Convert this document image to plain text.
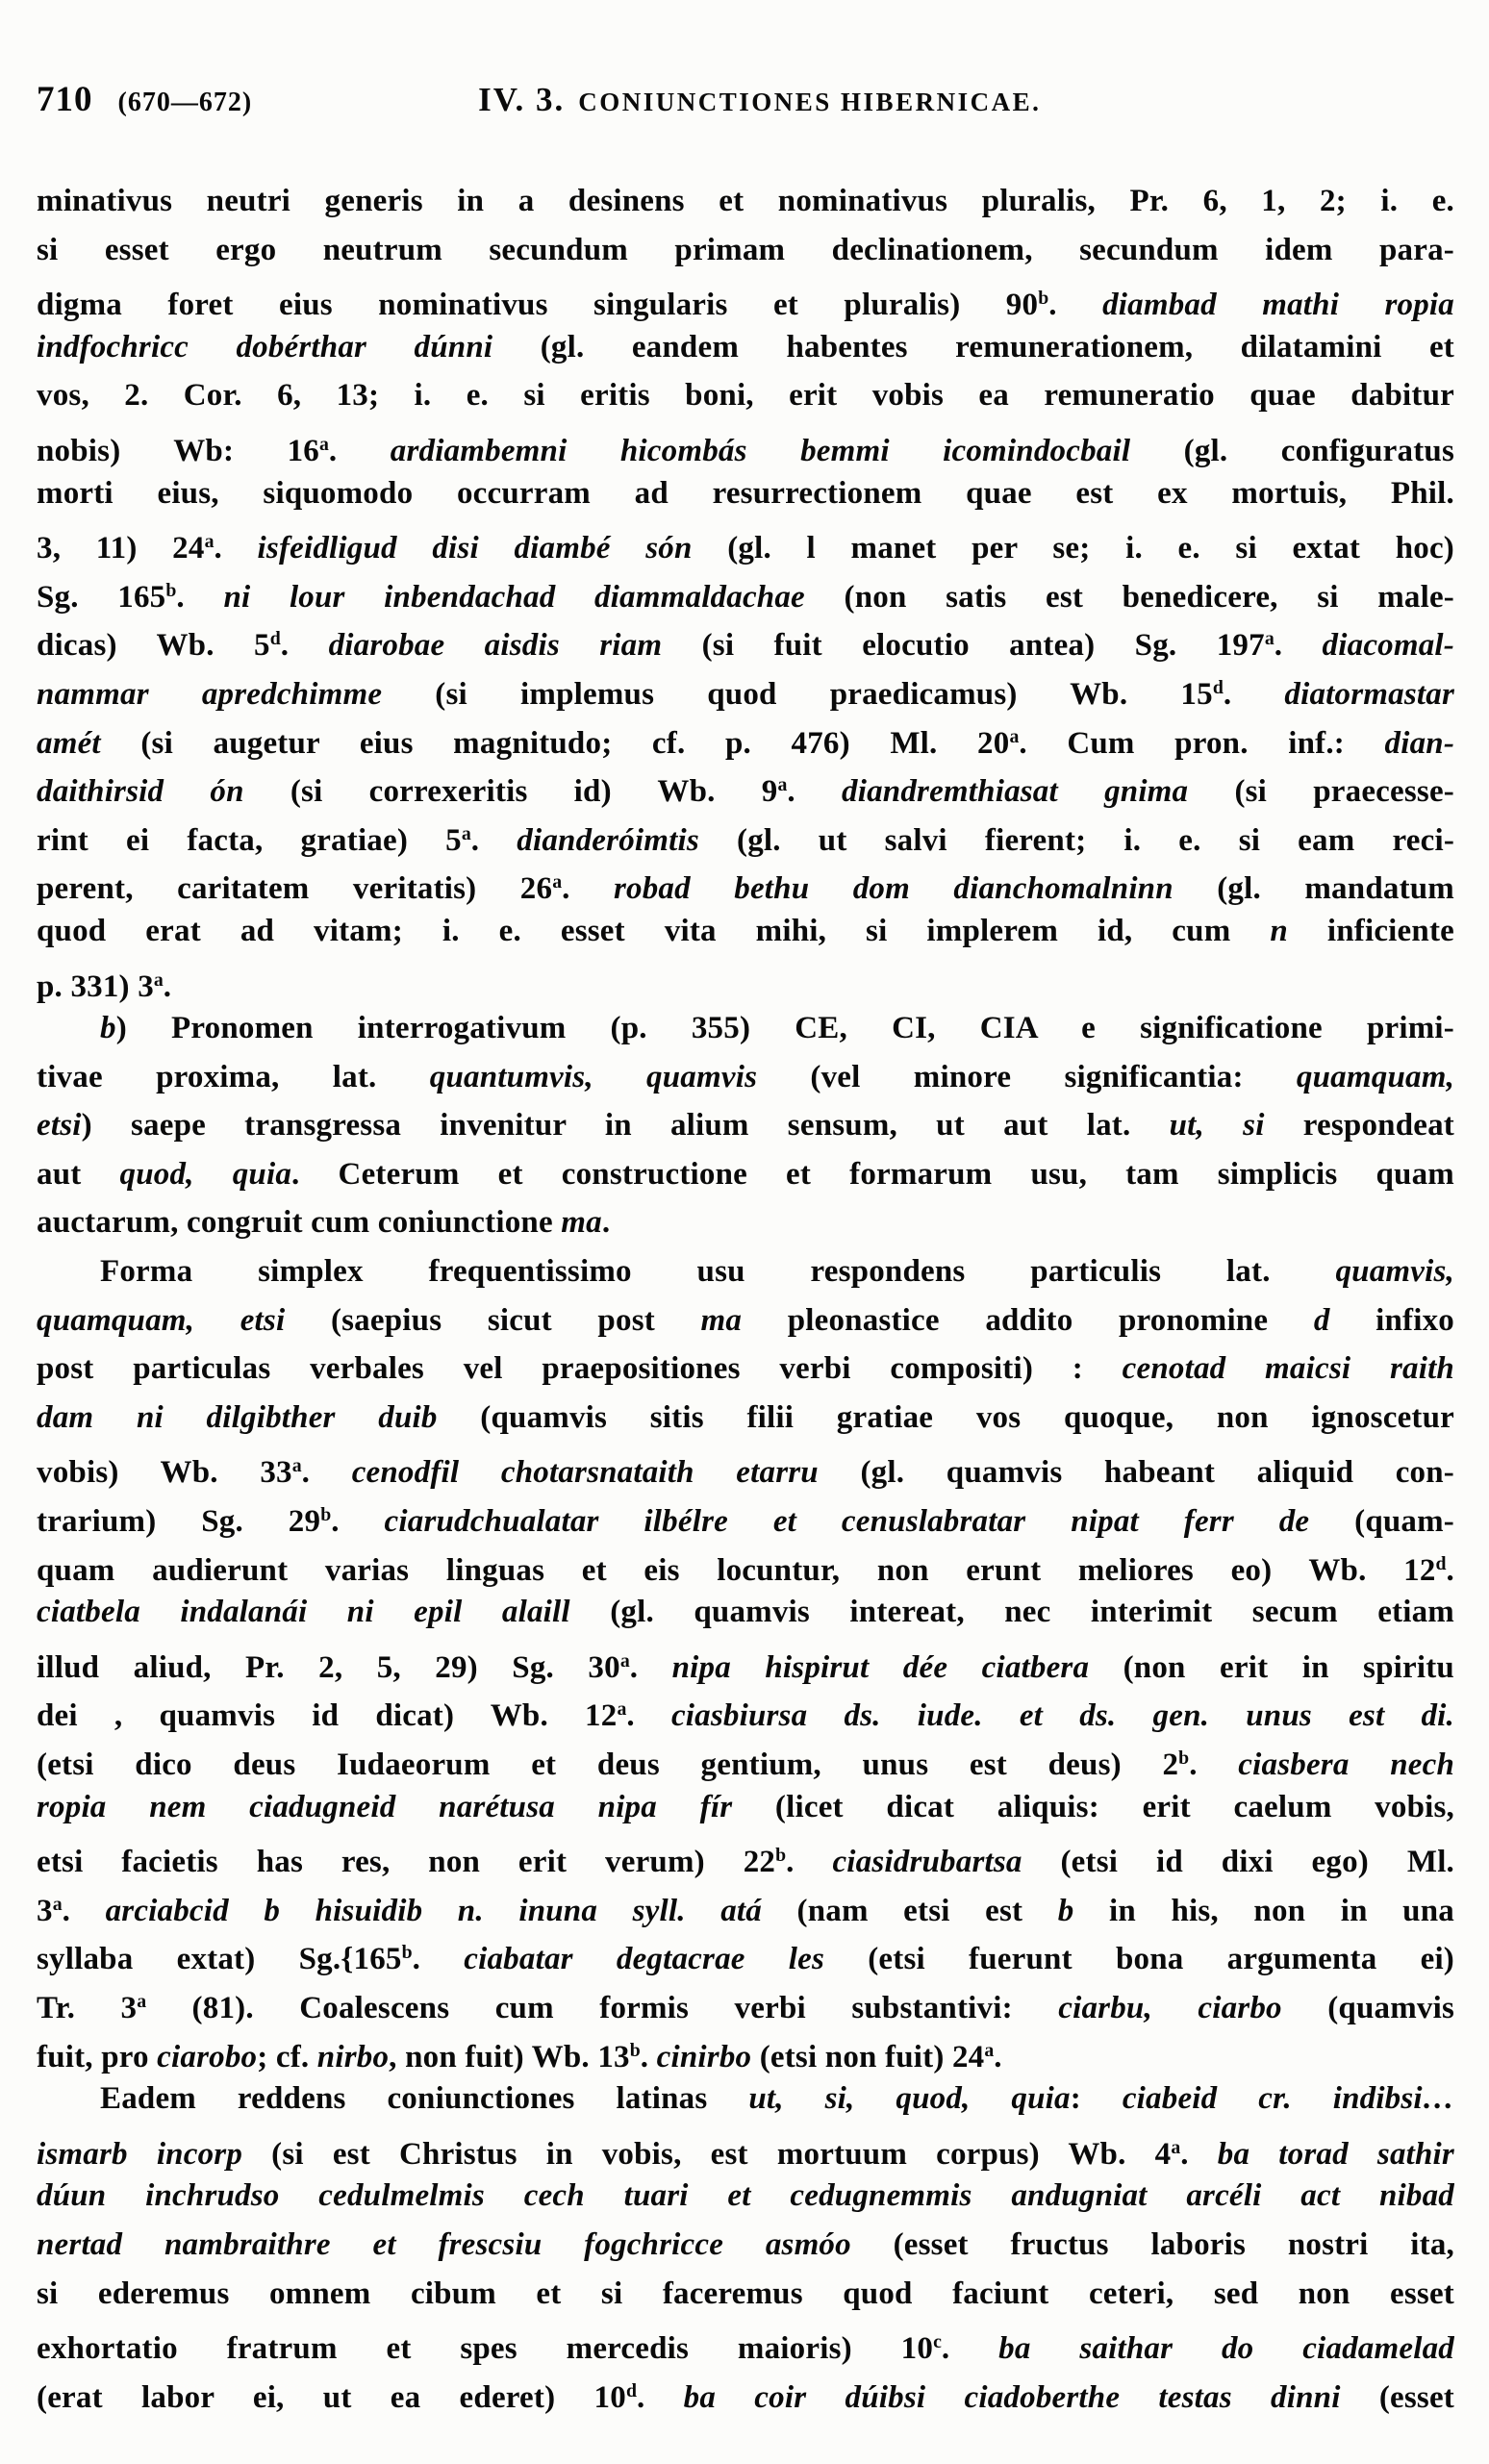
710 (670—672)	IV. 3. CONIUNCTIONES HIBERNICAE.
minativus neutri generis in a desinens et nominativus pluralis, Pr. 6, 1, 2; i. e.
si esset ergo neutrum secundum primam declinationem, secundum idem para-
digma foret eius nominativus singularis et pluralis) 90$^b$. diambad mathi ropia
indfochricc dobérthar dúnni (gl. eandem habentes remunerationem, dilatamini et
vos, 2. Cor. 6, 13; i. e. si eritis boni, erit vobis ea remuneratio quae dabitur
nobis) Wb: 16$^a$. ardiambemni hicombás bemmi icomindocbail (gl. configuratus
morti eius, siquomodo occurram ad resurrectionem quae est ex mortuis, Phil.
3, 11) 24$^a$. isfeidligud disi diambé són (gl. l manet per se; i. e. si extat hoc)
Sg. 165$^b$. ni lour inbendachad diammaldachae (non satis est benedicere, si male-
dicas) Wb. 5$^d$. diarobae aisdis riam (si fuit elocutio antea) Sg. 197$^a$. diacomal-
nammar apredchimme (si implemus quod praedicamus) Wb. 15$^d$. diatormastar
amét (si augetur eius magnitudo; cf. p. 476) Ml. 20$^a$. Cum pron. inf.: dian-
daithirsid ón (si correxeritis id) Wb. 9$^a$. diandremthiasat gnima (si praecesse-
rint ei facta, gratiae) 5$^a$. dianderóimtis (gl. ut salvi fierent; i. e. si eam reci-
perent, caritatem veritatis) 26$^a$. robad bethu dom dianchomalninn (gl. mandatum
quod erat ad vitam; i. e. esset vita mihi, si implerem id, cum n inficiente
p. 331) 3$^a$.
b) Pronomen interrogativum (p. 355) CE, CI, CIA e significatione primi-
tivae proxima, lat. quantumvis, quamvis (vel minore significantia: quamquam,
etsi) saepe transgressa invenitur in alium sensum, ut aut lat. ut, si respondeat
aut quod, quia. Ceterum et constructione et formarum usu, tam simplicis quam
auctarum, congruit cum coniunctione ma.
Forma simplex frequentissimo usu respondens particulis lat. quamvis,
quamquam, etsi (saepius sicut post ma pleonastice addito pronomine d infixo
post particulas verbales vel praepositiones verbi compositi) : cenotad maicsi raith
dam ni dilgibther duib (quamvis sitis filii gratiae vos quoque, non ignoscetur
vobis) Wb. 33$^a$. cenodfil chotarsnataith etarru (gl. quamvis habeant aliquid con-
trarium) Sg. 29$^b$. ciarudchualatar ilbélre et cenuslabratar nipat ferr de (quam-
quam audierunt varias linguas et eis locuntur, non erunt meliores eo) Wb. 12$^d$.
ciatbela indalanái ni epil alaill (gl. quamvis intereat, nec interimit secum etiam
illud aliud, Pr. 2, 5, 29) Sg. 30$^a$. nipa hispirut dée ciatbera (non erit in spiritu
dei , quamvis id dicat) Wb. 12$^a$. ciasbiursa ds. iude. et ds. gen. unus est di.
(etsi dico deus Iudaeorum et deus gentium, unus est deus) 2$^b$. ciasbera nech
ropia nem ciadugneid narétusa nipa fír (licet dicat aliquis: erit caelum vobis,
etsi facietis has res, non erit verum) 22$^b$. ciasidrubartsa (etsi id dixi ego) Ml.
3$^a$. arciabcid b hisuidib n. inuna syll. atá (nam etsi est b in his, non in una
syllaba extat) Sg.{165$^b$. ciabatar degtacrae les (etsi fuerunt bona argumenta ei)
Tr. 3$^a$ (81). Coalescens cum formis verbi substantivi: ciarbu, ciarbo (quamvis
fuit, pro ciarobo; cf. nirbo, non fuit) Wb. 13$^b$. cinirbo (etsi non fuit) 24$^a$.
Eadem reddens coniunctiones latinas ut, si, quod, quia: ciabeid cr. indibsi…
ismarb incorp (si est Christus in vobis, est mortuum corpus) Wb. 4$^a$. ba torad sathir
dúun inchrudso cedulmelmis cech tuari et cedugnemmis andugniat arcéli act nibad
nertad nambraithre et frescsiu fogchricce asmóo (esset fructus laboris nostri ita,
si ederemus omnem cibum et si faceremus quod faciunt ceteri, sed non esset
exhortatio fratrum et spes mercedis maioris) 10$^c$. ba saithar do ciadamelad
(erat labor ei, ut ea ederet) 10$^d$. ba coir dúibsi ciadoberthe testas dinni (esset
